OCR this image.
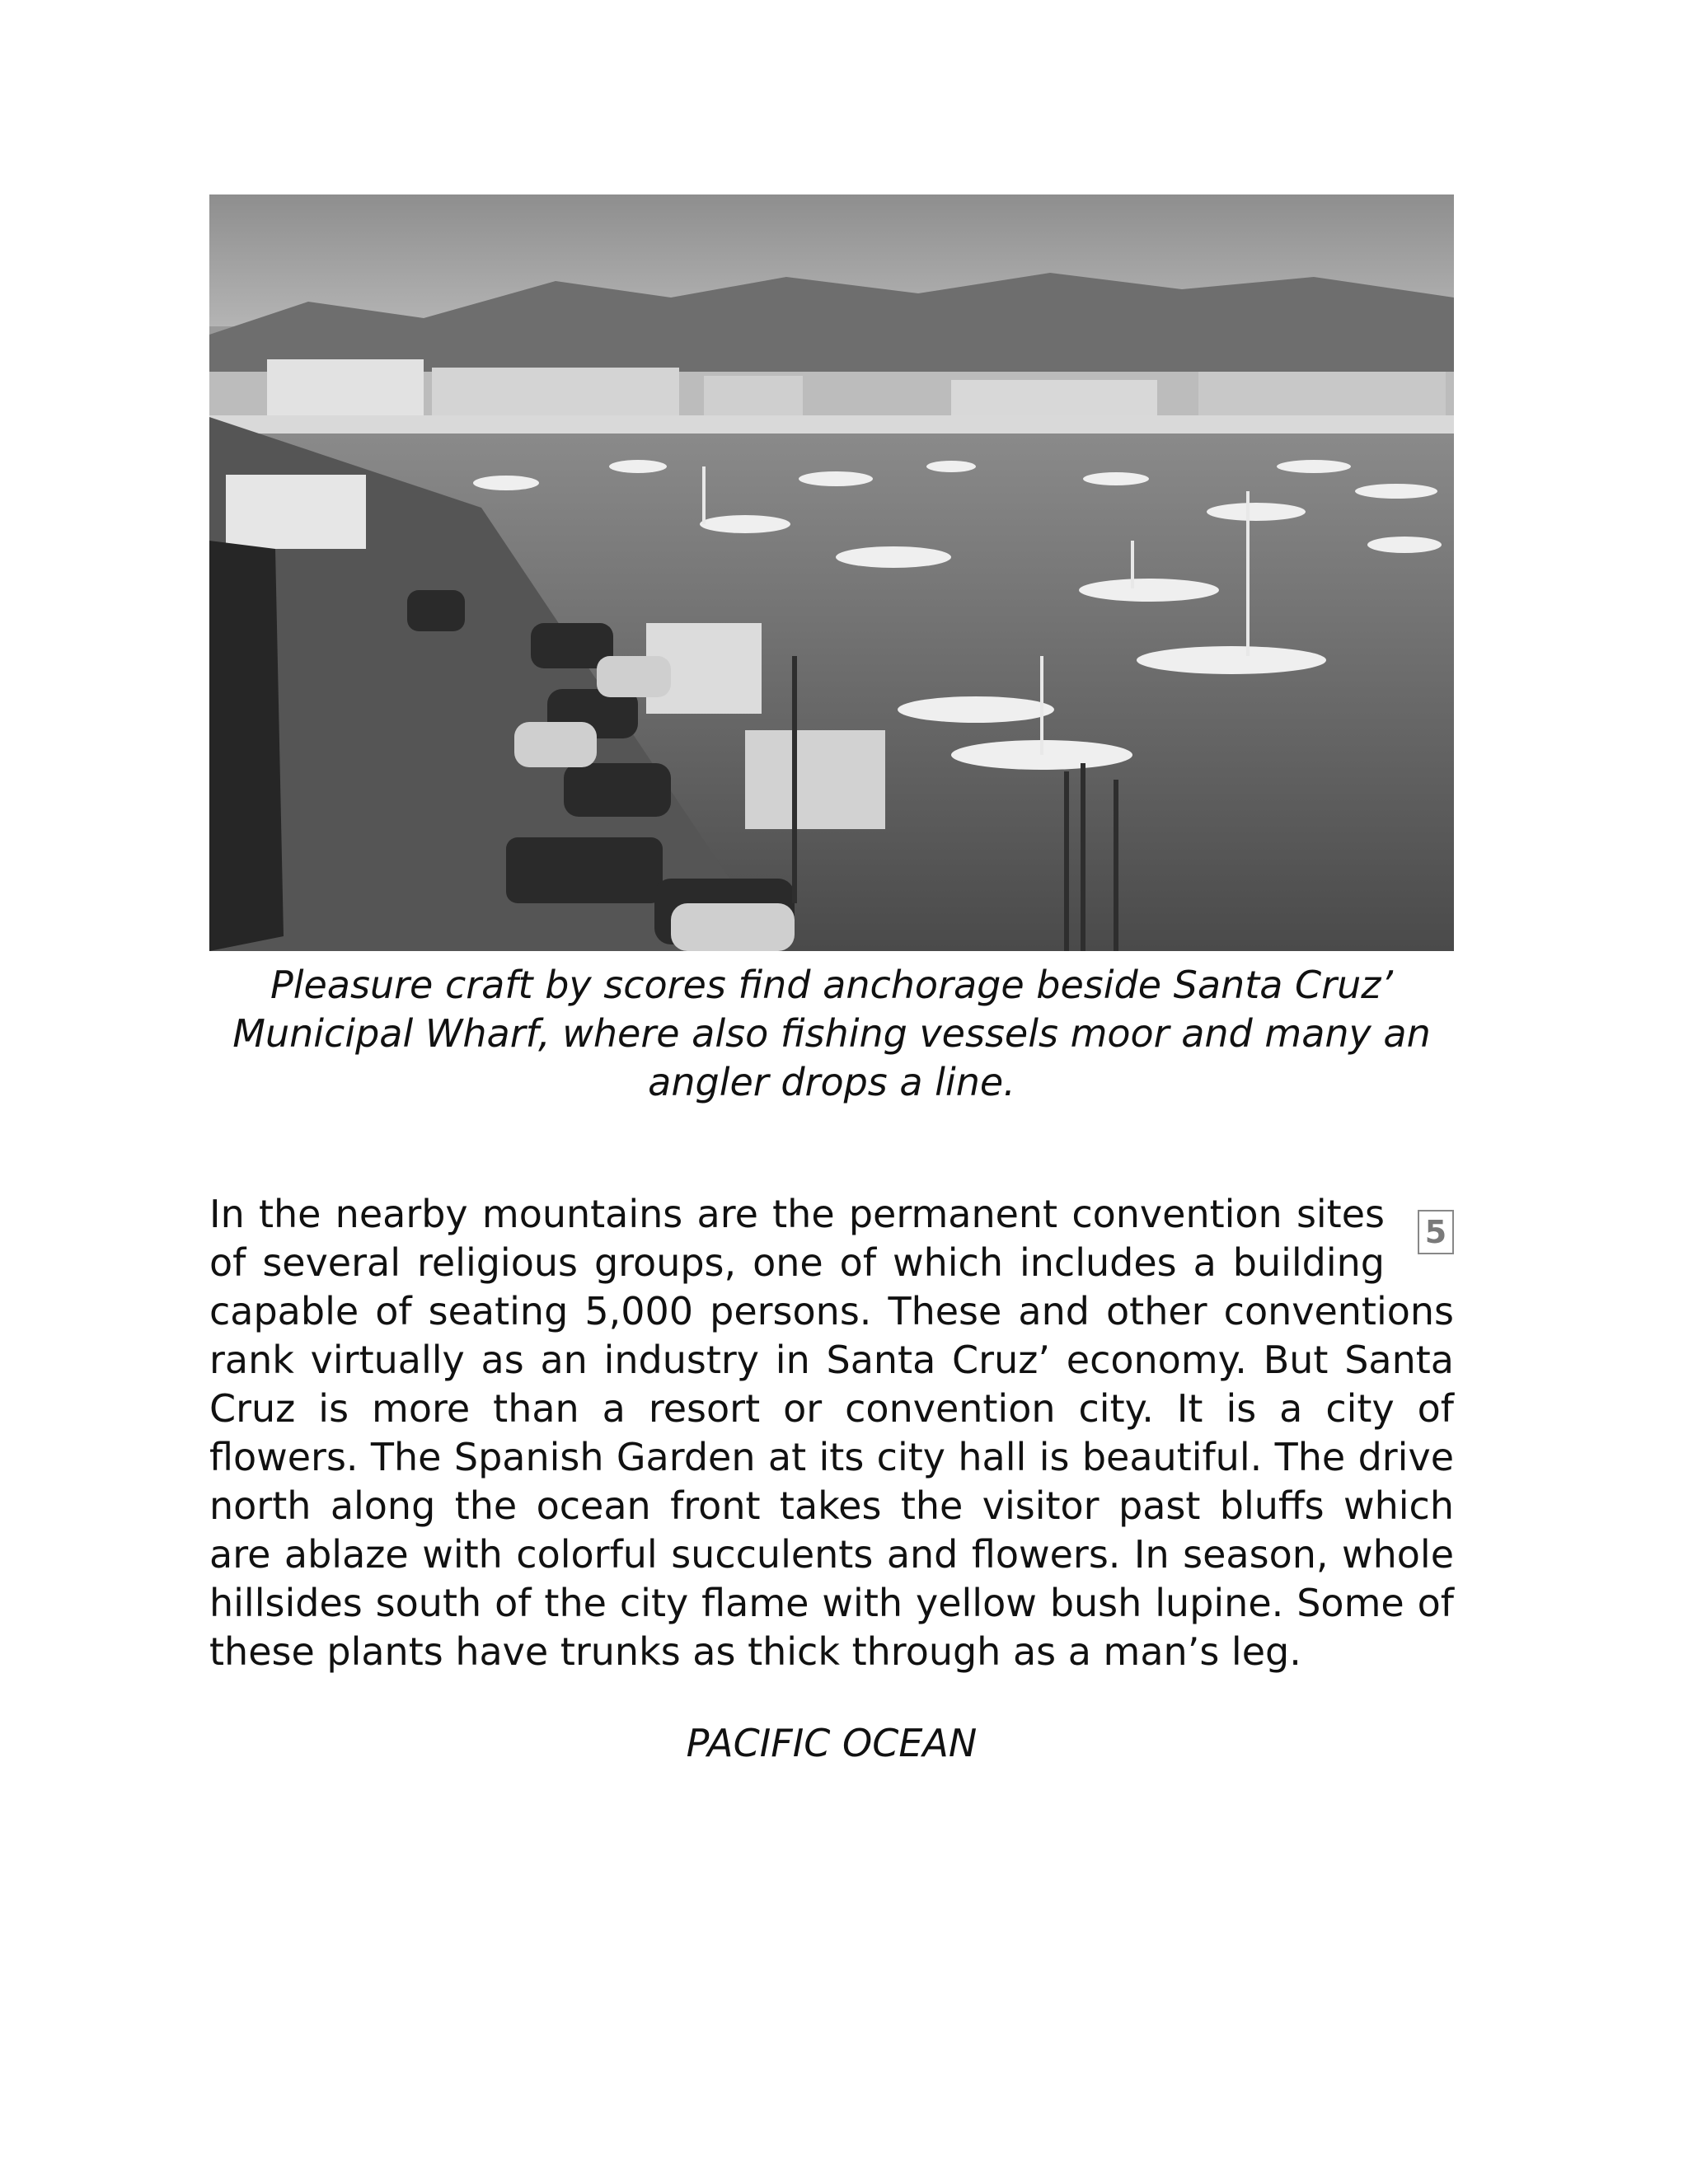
Pleasure craft by scores find anchorage beside Santa Cruz’ Municipal Wharf, where also fishing vessels moor and many an angler drops a line.

5
In the nearby mountains are the permanent convention sites of several religious groups, one of which includes a building capable of seating 5,000 persons. These and other conventions rank virtually as an industry in Santa Cruz’ economy. But Santa Cruz is more than a resort or convention city. It is a city of flowers. The Spanish Garden at its city hall is beautiful. The drive north along the ocean front takes the visitor past bluffs which are ablaze with colorful succulents and flowers. In season, whole hillsides south of the city flame with yellow bush lupine. Some of these plants have trunks as thick through as a man’s leg.

PACIFIC OCEAN
